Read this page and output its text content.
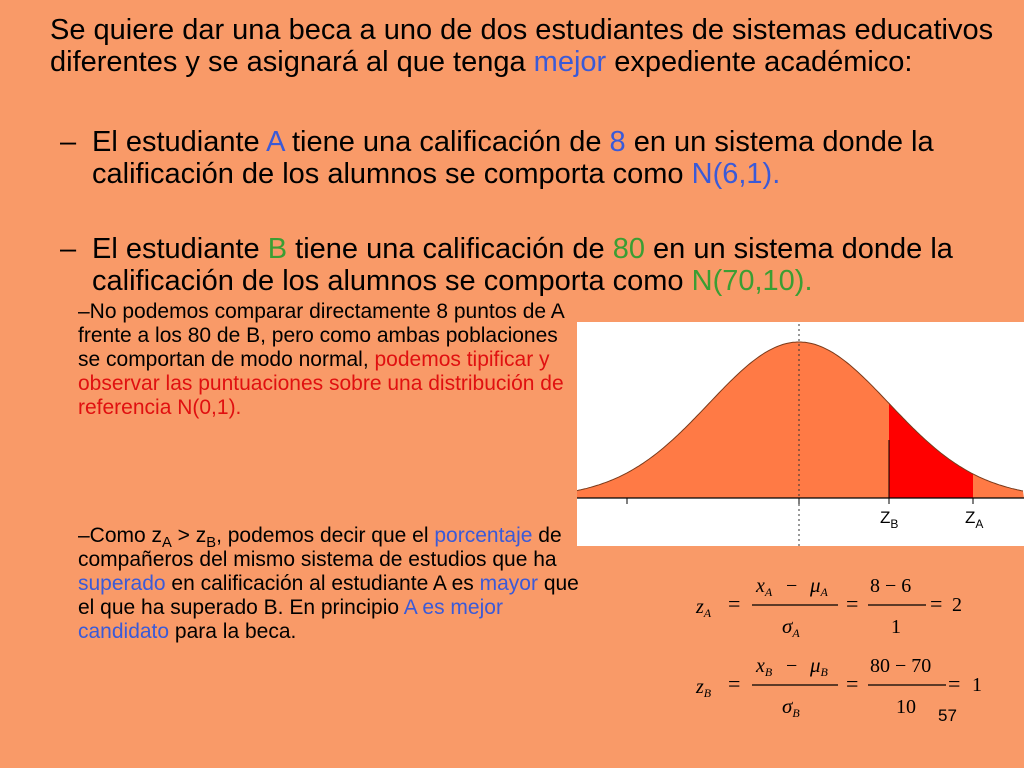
Se quiere dar una beca a uno de dos estudiantes de sistemas educativos diferentes y se asignará al que tenga mejor expediente académico:
– El estudiante A tiene una calificación de 8 en un sistema donde la calificación de los alumnos se comporta como N(6,1).
– El estudiante B tiene una calificación de 80 en un sistema donde la calificación de los alumnos se comporta como N(70,10).
–No podemos comparar directamente 8 puntos de A frente a los 80 de B, pero como ambas poblaciones se comportan de modo normal, podemos tipificar y observar las puntuaciones sobre una distribución de referencia N(0,1).
$Z_B$	$Z_A$
–Como $z_A > z_B$, podemos decir que el porcentaje de compañeros del mismo sistema de estudios que ha superado en calificación al estudiante A es mayor que el que ha superado B. En principio A es mejor candidato para la beca.
$z_A$ =
$x_A - \mu A$
σA
=
8 − 6
1
= 2
$z_B$ =
$x_B - \mu B$
σB
=
80 − 70
10
= 1
57
